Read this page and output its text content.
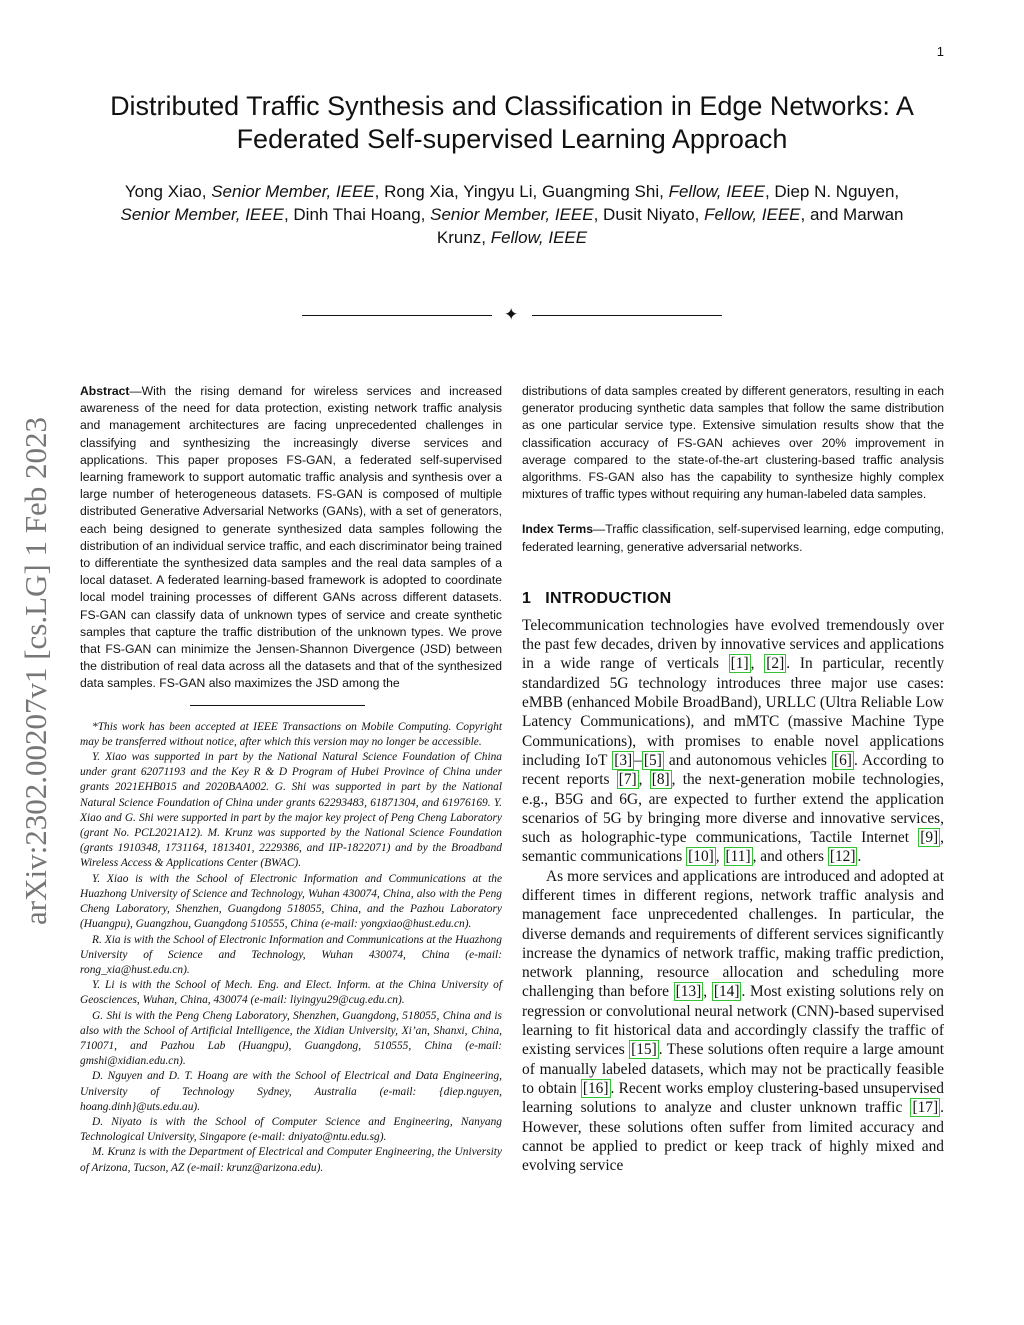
1
Distributed Traffic Synthesis and Classification in Edge Networks: A
Federated Self-supervised Learning Approach
Yong Xiao, Senior Member, IEEE, Rong Xia, Yingyu Li, Guangming Shi, Fellow, IEEE, Diep N. Nguyen,
Senior Member, IEEE, Dinh Thai Hoang, Senior Member, IEEE, Dusit Niyato, Fellow, IEEE, and Marwan
Krunz, Fellow, IEEE
✦
arXiv:2302.00207v1 [cs.LG] 1 Feb 2023

Abstract—With the rising demand for wireless services and increased awareness of the need for data protection, existing network traffic analysis and management architectures are facing unprecedented challenges in classifying and synthesizing the increasingly diverse services and applications. This paper proposes FS-GAN, a federated self-supervised learning framework to support automatic traffic analysis and synthesis over a large number of heterogeneous datasets. FS-GAN is composed of multiple distributed Generative Adversarial Networks (GANs), with a set of generators, each being designed to generate synthesized data samples following the distribution of an individual service traffic, and each discriminator being trained to differentiate the synthesized data samples and the real data samples of a local dataset. A federated learning-based framework is adopted to coordinate local model training processes of different GANs across different datasets. FS-GAN can classify data of unknown types of service and create synthetic samples that capture the traffic distribution of the unknown types. We prove that FS-GAN can minimize the Jensen-Shannon Divergence (JSD) between the distribution of real data across all the datasets and that of the synthesized data samples. FS-GAN also maximizes the JSD among the

*This work has been accepted at IEEE Transactions on Mobile Computing. Copyright may be transferred without notice, after which this version may no longer be accessible.

Y. Xiao was supported in part by the National Natural Science Foundation of China under grant 62071193 and the Key R & D Program of Hubei Province of China under grants 2021EHB015 and 2020BAA002. G. Shi was supported in part by the National Natural Science Foundation of China under grants 62293483, 61871304, and 61976169. Y. Xiao and G. Shi were supported in part by the major key project of Peng Cheng Laboratory (grant No. PCL2021A12). M. Krunz was supported by the National Science Foundation (grants 1910348, 1731164, 1813401, 2229386, and IIP-1822071) and by the Broadband Wireless Access & Applications Center (BWAC).

Y. Xiao is with the School of Electronic Information and Communications at the Huazhong University of Science and Technology, Wuhan 430074, China, also with the Peng Cheng Laboratory, Shenzhen, Guangdong 518055, China, and the Pazhou Laboratory (Huangpu), Guangzhou, Guangdong 510555, China (e-mail: yongxiao@hust.edu.cn).

R. Xia is with the School of Electronic Information and Communications at the Huazhong University of Science and Technology, Wuhan 430074, China (e-mail: rong_xia@hust.edu.cn).

Y. Li is with the School of Mech. Eng. and Elect. Inform. at the China University of Geosciences, Wuhan, China, 430074 (e-mail: liyingyu29@cug.edu.cn).

G. Shi is with the Peng Cheng Laboratory, Shenzhen, Guangdong, 518055, China and is also with the School of Artificial Intelligence, the Xidian University, Xi’an, Shanxi, China, 710071, and Pazhou Lab (Huangpu), Guangdong, 510555, China (e-mail: gmshi@xidian.edu.cn).

D. Nguyen and D. T. Hoang are with the School of Electrical and Data Engineering, University of Technology Sydney, Australia (e-mail: {diep.nguyen, hoang.dinh}@uts.edu.au).

D. Niyato is with the School of Computer Science and Engineering, Nanyang Technological University, Singapore (e-mail: dniyato@ntu.edu.sg).

M. Krunz is with the Department of Electrical and Computer Engineering, the University of Arizona, Tucson, AZ (e-mail: krunz@arizona.edu).

distributions of data samples created by different generators, resulting in each generator producing synthetic data samples that follow the same distribution as one particular service type. Extensive simulation results show that the classification accuracy of FS-GAN achieves over 20% improvement in average compared to the state-of-the-art clustering-based traffic analysis algorithms. FS-GAN also has the capability to synthesize highly complex mixtures of traffic types without requiring any human-labeled data samples.

Index Terms—Traffic classification, self-supervised learning, edge computing, federated learning, generative adversarial networks.

1 INTRODUCTION

Telecommunication technologies have evolved tremendously over the past few decades, driven by innovative services and applications in a wide range of verticals [1] , [2] . In particular, recently standardized 5G technology introduces three major use cases: eMBB (enhanced Mobile BroadBand), URLLC (Ultra Reliable Low Latency Communications), and mMTC (massive Machine Type Communications), with promises to enable novel applications including IoT [3] – [5] and autonomous vehicles [6] . According to recent reports [7] , [8] , the next-generation mobile technologies, e.g., B5G and 6G, are expected to further extend the application scenarios of 5G by bringing more diverse and innovative services, such as holographic-type communications, Tactile Internet [9] , semantic communications [10] , [11] , and others [12] .

As more services and applications are introduced and adopted at different times in different regions, network traffic analysis and management face unprecedented challenges. In particular, the diverse demands and requirements of different services significantly increase the dynamics of network traffic, making traffic prediction, network planning, resource allocation and scheduling more challenging than before [13] , [14] . Most existing solutions rely on regression or convolutional neural network (CNN)-based supervised learning to fit historical data and accordingly classify the traffic of existing services [15] . These solutions often require a large amount of manually labeled datasets, which may not be practically feasible to obtain [16] . Recent works employ clustering-based unsupervised learning solutions to analyze and cluster unknown traffic [17] . However, these solutions often suffer from limited accuracy and cannot be applied to predict or keep track of highly mixed and evolving service
